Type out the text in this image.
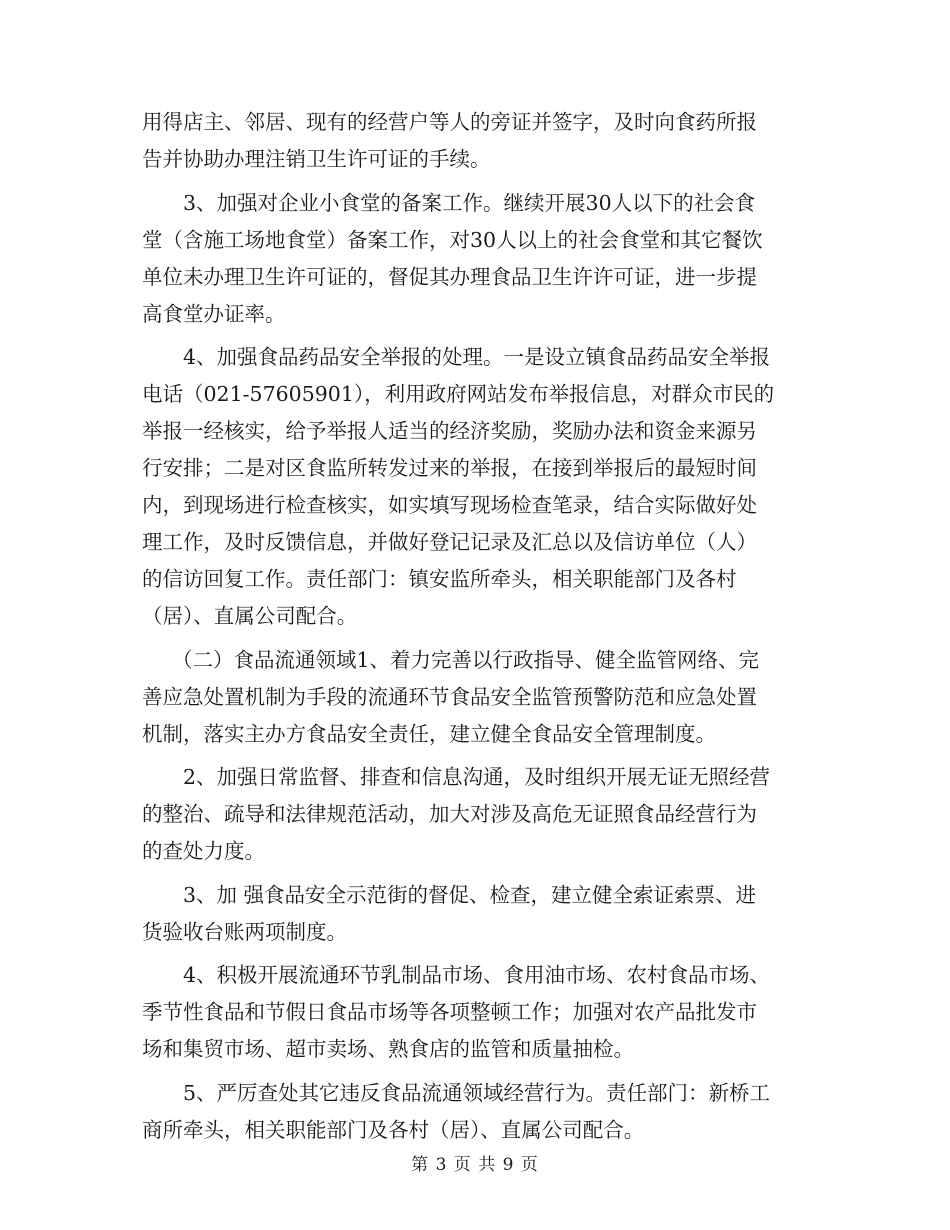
用得店主、邻居、现有的经营户等人的旁证并签字，及时向食药所报
告并协助办理注销卫生许可证的手续。
3、加强对企业小食堂的备案工作。继续开展30人以下的社会食
堂（含施工场地食堂）备案工作，对30人以上的社会食堂和其它餐饮
单位未办理卫生许可证的，督促其办理食品卫生许许可证，进一步提
高食堂办证率。
4、加强食品药品安全举报的处理。一是设立镇食品药品安全举报
电话（021-57605901），利用政府网站发布举报信息，对群众市民的
举报一经核实，给予举报人适当的经济奖励，奖励办法和资金来源另
行安排；二是对区食监所转发过来的举报，在接到举报后的最短时间
内，到现场进行检查核实，如实填写现场检查笔录，结合实际做好处
理工作，及时反馈信息，并做好登记记录及汇总以及信访单位（人）
的信访回复工作。责任部门：镇安监所牵头，相关职能部门及各村
（居）、直属公司配合。
（二）食品流通领域1、着力完善以行政指导、健全监管网络、完
善应急处置机制为手段的流通环节食品安全监管预警防范和应急处置
机制，落实主办方食品安全责任，建立健全食品安全管理制度。
2、加强日常监督、排查和信息沟通，及时组织开展无证无照经营
的整治、疏导和法律规范活动，加大对涉及高危无证照食品经营行为
的查处力度。
3、加 强食品安全示范街的督促、检查，建立健全索证索票、进
货验收台账两项制度。
4、积极开展流通环节乳制品市场、食用油市场、农村食品市场、
季节性食品和节假日食品市场等各项整顿工作；加强对农产品批发市
场和集贸市场、超市卖场、熟食店的监管和质量抽检。
5、严厉查处其它违反食品流通领域经营行为。责任部门：新桥工
商所牵头，相关职能部门及各村（居）、直属公司配合。
第 3 页 共 9 页
